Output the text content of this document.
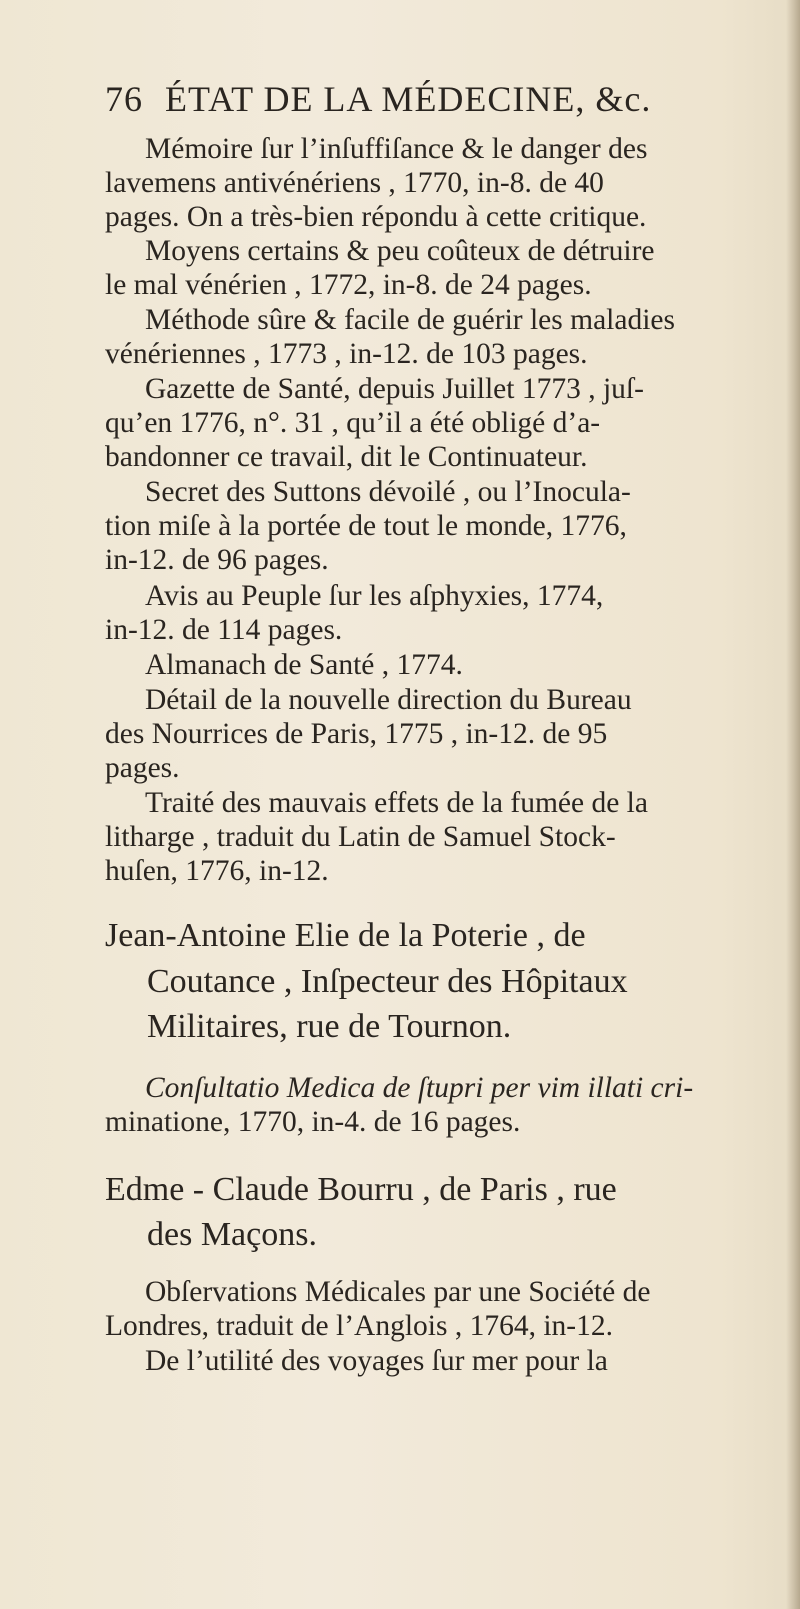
76 ÉTAT DE LA MÉDECINE, &c.
Mémoire ſur l’inſuffiſance & le danger des
lavemens antivénériens , 1770, in-8. de 40
pages. On a très-bien répondu à cette critique.
Moyens certains & peu coûteux de détruire
le mal vénérien , 1772, in-8. de 24 pages.
Méthode sûre & facile de guérir les maladies
vénériennes , 1773 , in-12. de 103 pages.
Gazette de Santé, depuis Juillet 1773 , juſ-
qu’en 1776, n°. 31 , qu’il a été obligé d’a-
bandonner ce travail, dit le Continuateur.
Secret des Suttons dévoilé , ou l’Inocula-
tion miſe à la portée de tout le monde, 1776,
in-12. de 96 pages.
Avis au Peuple ſur les aſphyxies, 1774,
in-12. de 114 pages.
Almanach de Santé , 1774.
Détail de la nouvelle direction du Bureau
des Nourrices de Paris, 1775 , in-12. de 95
pages.
Traité des mauvais effets de la fumée de la
litharge , traduit du Latin de Samuel Stock-
huſen, 1776, in-12.
Jean-Antoine Elie de la Poterie , de
Coutance , Inſpecteur des Hôpitaux
Militaires, rue de Tournon.
Conſultatio Medica de ſtupri per vim illati cri-
minatione, 1770, in-4. de 16 pages.
Edme - Claude Bourru , de Paris , rue
des Maçons.
Obſervations Médicales par une Société de
Londres, traduit de l’Anglois , 1764, in-12.
De l’utilité des voyages ſur mer pour la
